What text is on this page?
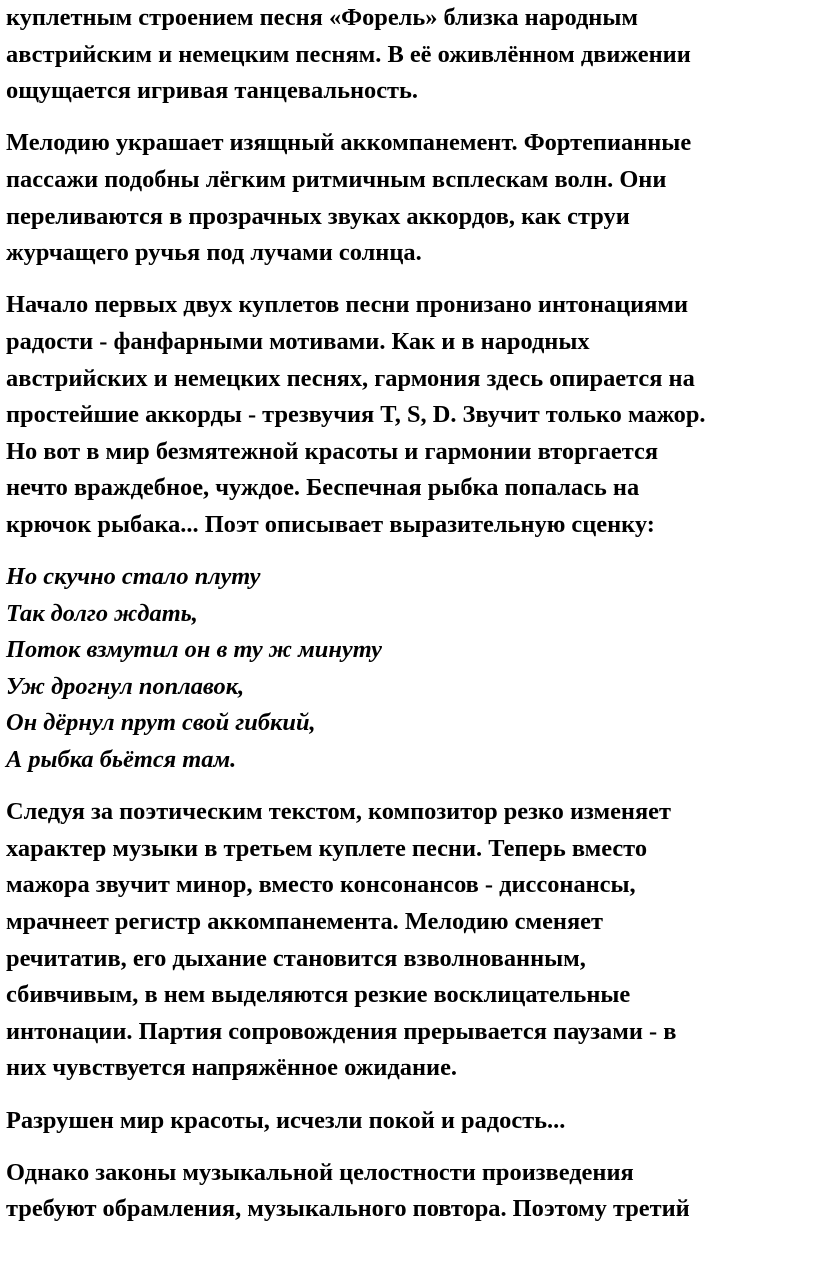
куплетным строением песня «Форель» близка народным
австрийским и немецким песням. В её оживлённом движении
ощущается игривая танцевальность.
Мелодию украшает изящный аккомпанемент. Фортепианные
пассажи подобны лёгким ритмичным всплескам волн. Они
переливаются в прозрачных звуках аккордов, как струи
журчащего ручья под лучами солнца.
Начало первых двух куплетов песни пронизано интонациями
радости - фанфарными мотивами. Как и в народных
австрийских и немецких песнях, гармония здесь опирается на
простейшие аккорды - трезвучия T, S, D. Звучит только мажор.
Но вот в мир безмятежной красоты и гармонии вторгается
нечто враждебное, чуждое. Беспечная рыбка попалась на
крючок рыбака... Поэт описывает выразительную сценку:
Но скучно стало плуту
Так долго ждать,
Поток взмутил он в ту ж минуту
Уж дрогнул поплавок,
Он дёрнул прут свой гибкий,
А рыбка бьётся там.
Следуя за поэтическим текстом, композитор резко изменяет
характер музыки в третьем куплете песни. Теперь вместо
мажора звучит минор, вместо консонансов - диссонансы,
мрачнеет регистр аккомпанемента. Мелодию сменяет
речитатив, его дыхание становится взволнованным,
сбивчивым, в нем выделяются резкие восклицательные
интонации. Партия сопровождения прерывается паузами - в
них чувствуется напряжённое ожидание.
Разрушен мир красоты, исчезли покой и радость...
Однако законы музыкальной целостности произведения
требуют обрамления, музыкального повтора. Поэтому третий
